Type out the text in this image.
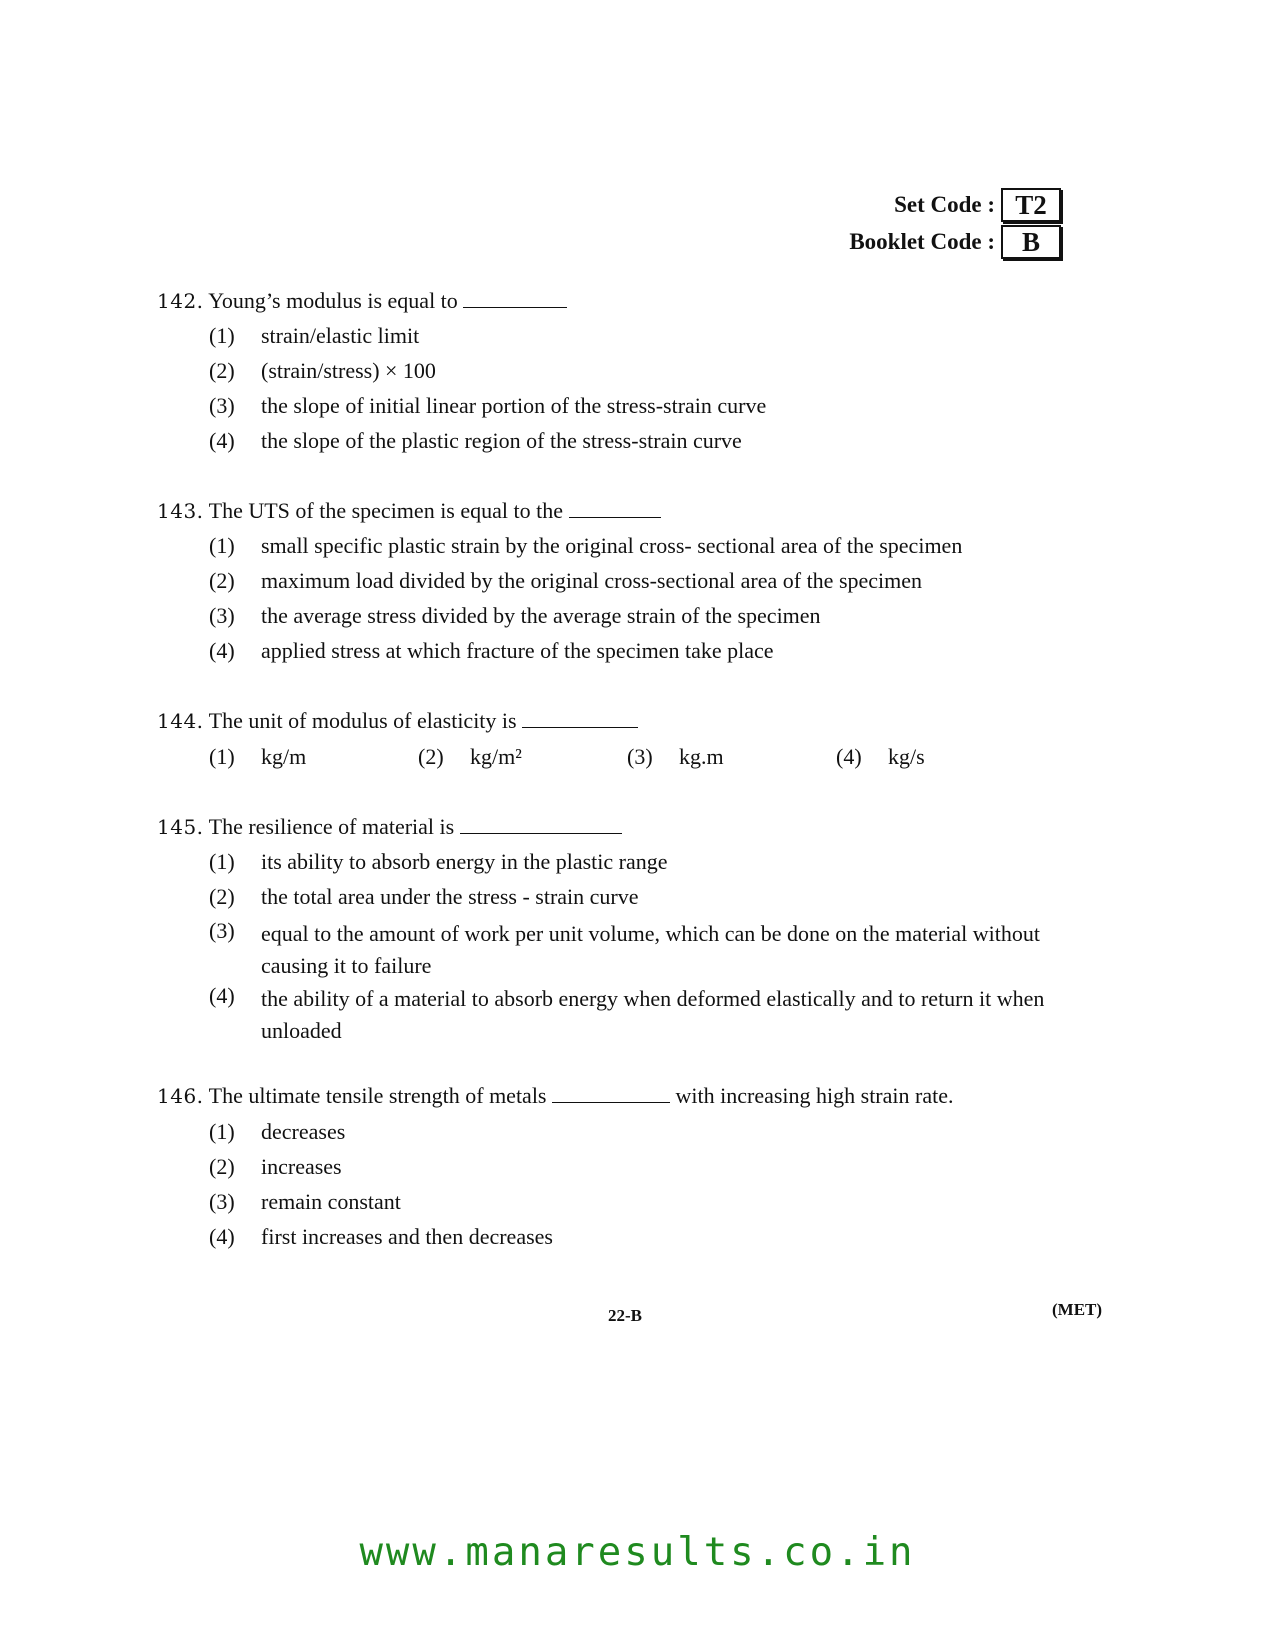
Set Code : T2
Booklet Code : B
142. Young’s modulus is equal to
(1) strain/elastic limit
(2) (strain/stress) × 100
(3) the slope of initial linear portion of the stress-strain curve
(4) the slope of the plastic region of the stress-strain curve
143. The UTS of the specimen is equal to the
(1) small specific plastic strain by the original cross- sectional area of the specimen
(2) maximum load divided by the original cross-sectional area of the specimen
(3) the average stress divided by the average strain of the specimen
(4) applied stress at which fracture of the specimen take place
144. The unit of modulus of elasticity is
(1) kg/m	(2) kg/m²	(3) kg.m	(4) kg/s
145. The resilience of material is
(1) its ability to absorb energy in the plastic range
(2) the total area under the stress - strain curve
(3) equal to the amount of work per unit volume, which can be done on the material without causing it to failure
(4) the ability of a material to absorb energy when deformed elastically and to return it when unloaded
146. The ultimate tensile strength of metals	with increasing high strain rate.
(1) decreases
(2) increases
(3) remain constant
(4) first increases and then decreases
22-B	(MET)
www.manaresults.co.in
